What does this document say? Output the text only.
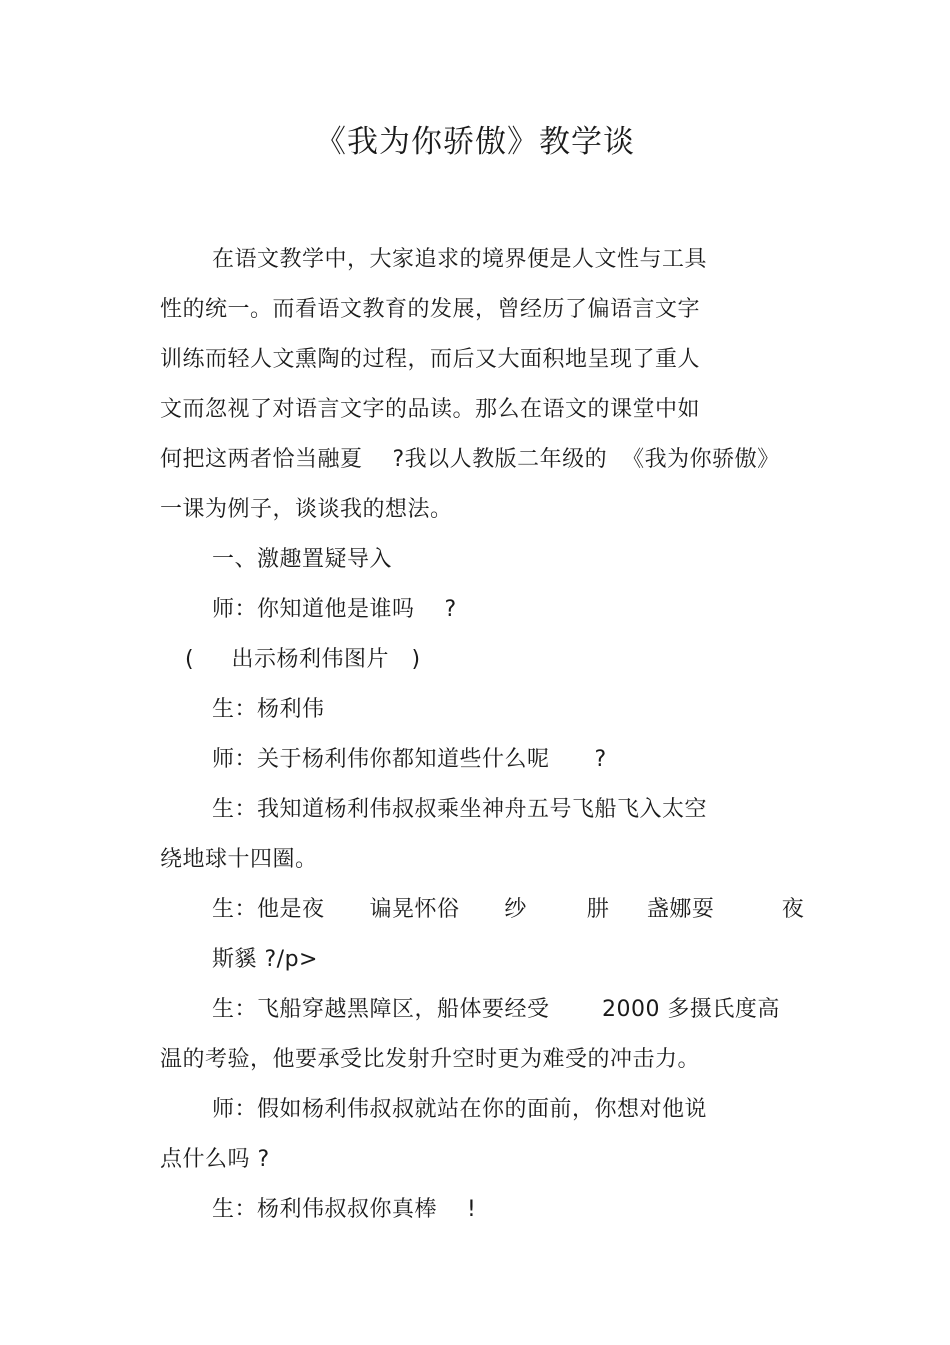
《我为你骄傲》教学谈
在语文教学中，大家追求的境界便是人文性与工具
性的统一。而看语文教育的发展，曾经历了偏语言文字
训练而轻人文熏陶的过程，而后又大面积地呈现了重人
文而忽视了对语言文字的品读。那么在语文的课堂中如
何把这两者恰当融夏    ?我以人教版二年级的  《我为你骄傲》
一课为例子，谈谈我的想法。
一、激趣置疑导入
师：你知道他是谁吗    ?
(     出示杨利伟图片   )
生：杨利伟
师：关于杨利伟你都知道些什么呢      ?
生：我知道杨利伟叔叔乘坐神舟五号飞船飞入太空
绕地球十四圈。
生：他是夜      谝晃怀俗      纱        肼     盏娜耍         夜
斯貕 ?/p>
生：飞船穿越黑障区，船体要经受       2000 多摄氏度高
温的考验，他要承受比发射升空时更为难受的冲击力。
师：假如杨利伟叔叔就站在你的面前，你想对他说
点什么吗 ?
生：杨利伟叔叔你真棒    !
